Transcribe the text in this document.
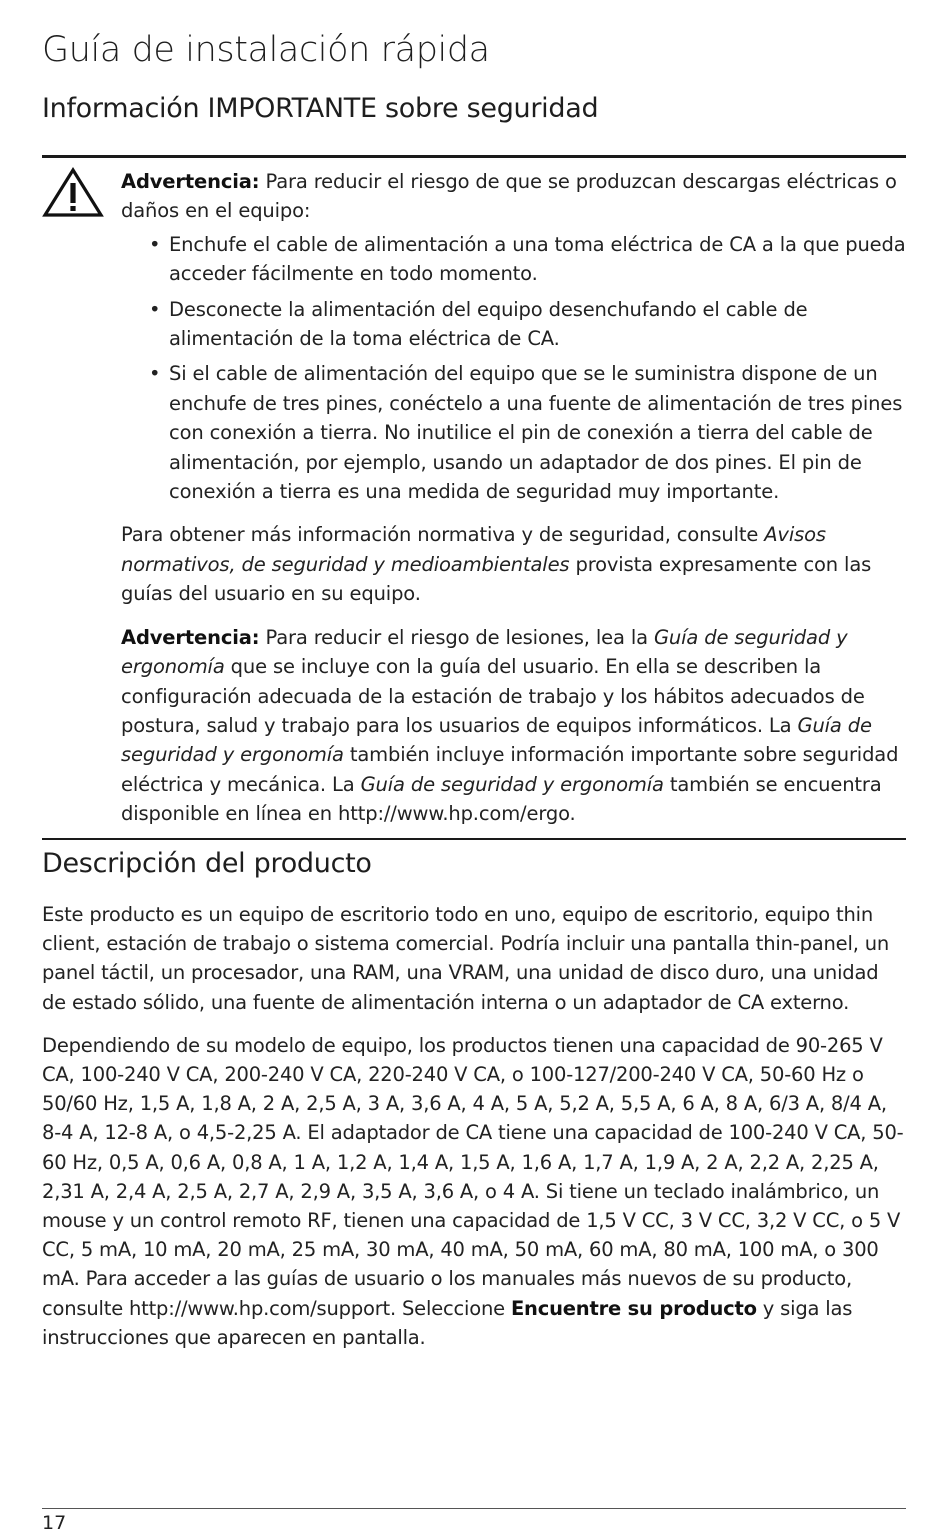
Guía de instalación rápida
Información IMPORTANTE sobre seguridad

Advertencia: Para reducir el riesgo de que se produzcan descargas eléctricas o daños en el equipo:

• Enchufe el cable de alimentación a una toma eléctrica de CA a la que pueda acceder fácilmente en todo momento.
• Desconecte la alimentación del equipo desenchufando el cable de alimentación de la toma eléctrica de CA.
• Si el cable de alimentación del equipo que se le suministra dispone de un enchufe de tres pines, conéctelo a una fuente de alimentación de tres pines con conexión a tierra. No inutilice el pin de conexión a tierra del cable de alimentación, por ejemplo, usando un adaptador de dos pines. El pin de conexión a tierra es una medida de seguridad muy importante.

Para obtener más información normativa y de seguridad, consulte Avisos normativos, de seguridad y medioambientales provista expresamente con las guías del usuario en su equipo.

Advertencia: Para reducir el riesgo de lesiones, lea la Guía de seguridad y ergonomía que se incluye con la guía del usuario. En ella se describen la configuración adecuada de la estación de trabajo y los hábitos adecuados de postura, salud y trabajo para los usuarios de equipos informáticos. La Guía de seguridad y ergonomía también incluye información importante sobre seguridad eléctrica y mecánica. La Guía de seguridad y ergonomía también se encuentra disponible en línea en http://www.hp.com/ergo.

Descripción del producto

Este producto es un equipo de escritorio todo en uno, equipo de escritorio, equipo thin client, estación de trabajo o sistema comercial. Podría incluir una pantalla thin-panel, un panel táctil, un procesador, una RAM, una VRAM, una unidad de disco duro, una unidad de estado sólido, una fuente de alimentación interna o un adaptador de CA externo.

Dependiendo de su modelo de equipo, los productos tienen una capacidad de 90-265 V CA, 100-240 V CA, 200-240 V CA, 220-240 V CA, o 100-127/200-240 V CA, 50-60 Hz o 50/60 Hz, 1,5 A, 1,8 A, 2 A, 2,5 A, 3 A, 3,6 A, 4 A, 5 A, 5,2 A, 5,5 A, 6 A, 8 A, 6/3 A, 8/4 A, 8-4 A, 12-8 A, o 4,5-2,25 A. El adaptador de CA tiene una capacidad de 100-240 V CA, 50-60 Hz, 0,5 A, 0,6 A, 0,8 A, 1 A, 1,2 A, 1,4 A, 1,5 A, 1,6 A, 1,7 A, 1,9 A, 2 A, 2,2 A, 2,25 A, 2,31 A, 2,4 A, 2,5 A, 2,7 A, 2,9 A, 3,5 A, 3,6 A, o 4 A. Si tiene un teclado inalámbrico, un mouse y un control remoto RF, tienen una capacidad de 1,5 V CC, 3 V CC, 3,2 V CC, o 5 V CC, 5 mA, 10 mA, 20 mA, 25 mA, 30 mA, 40 mA, 50 mA, 60 mA, 80 mA, 100 mA, o 300 mA. Para acceder a las guías de usuario o los manuales más nuevos de su producto, consulte http://www.hp.com/support. Seleccione Encuentre su producto y siga las instrucciones que aparecen en pantalla.

17
